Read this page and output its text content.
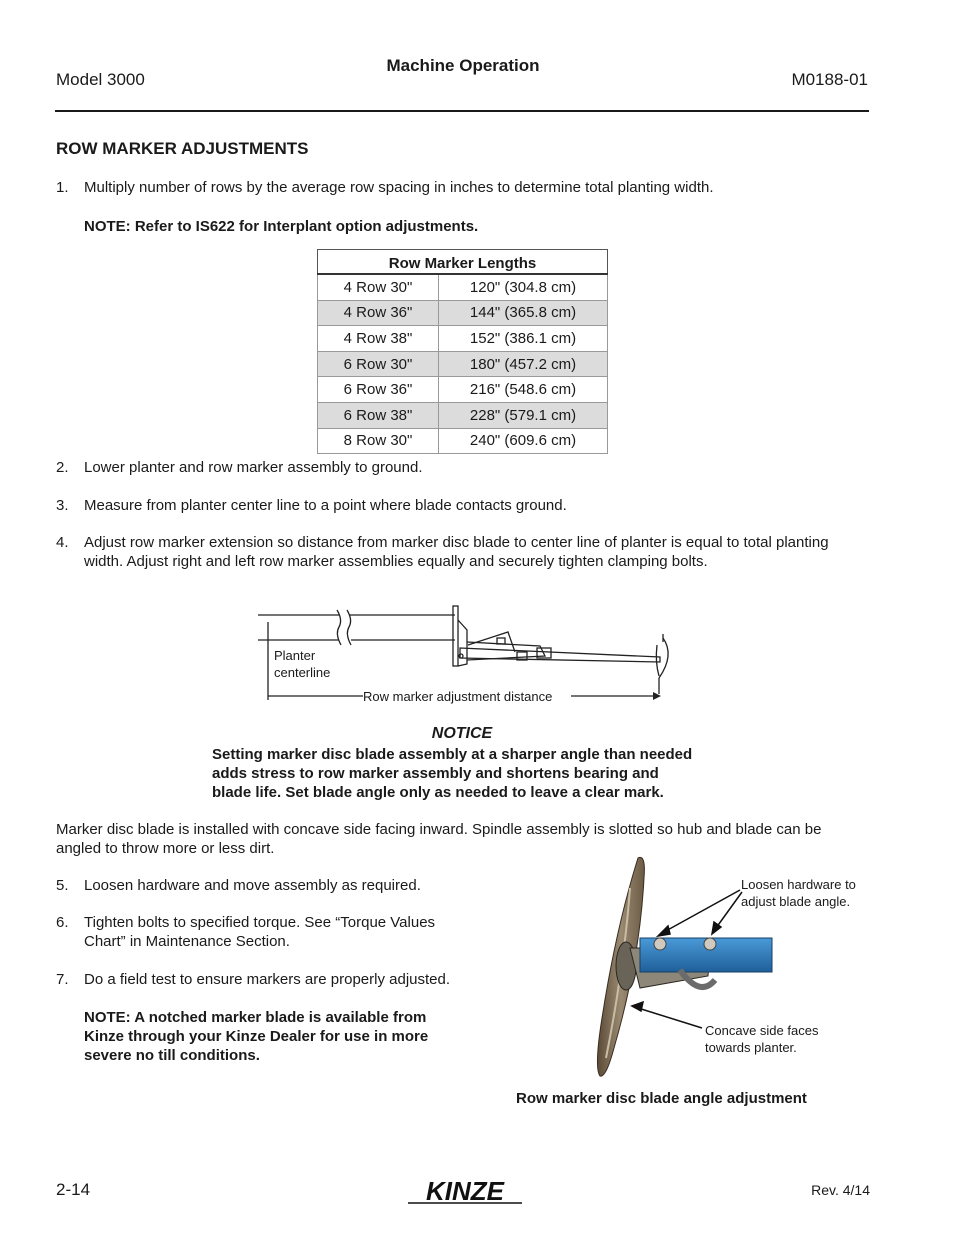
Model 3000
Machine Operation
M0188-01
ROW MARKER ADJUSTMENTS
1. Multiply number of rows by the average row spacing in inches to determine total planting width.
NOTE: Refer to IS622 for Interplant option adjustments.
Row Marker Lengths	
4 Row 30"	120" (304.8 cm)
4 Row 36"	144" (365.8 cm)
4 Row 38"	152" (386.1 cm)
6 Row 30"	180" (457.2 cm)
6 Row 36"	216" (548.6 cm)
6 Row 38"	228" (579.1 cm)
8 Row 30"	240" (609.6 cm)
2. Lower planter and row marker assembly to ground.
3. Measure from planter center line to a point where blade contacts ground.
4. Adjust row marker extension so distance from marker disc blade to center line of planter is equal to total planting
width. Adjust right and left row marker assemblies equally and securely tighten clamping bolts.
Planter
centerline
Row marker adjustment distance
NOTICE
Setting marker disc blade assembly at a sharper angle than needed
adds stress to row marker assembly and shortens bearing and
blade life. Set blade angle only as needed to leave a clear mark.
Marker disc blade is installed with concave side facing inward. Spindle assembly is slotted so hub and blade can be
angled to throw more or less dirt.
5. Loosen hardware and move assembly as required.
6. Tighten bolts to specified torque. See “Torque Values
Chart” in Maintenance Section.
7. Do a field test to ensure markers are properly adjusted.
NOTE: A notched marker blade is available from
Kinze through your Kinze Dealer for use in more
severe no till conditions.
Loosen hardware to
adjust blade angle.
Concave side faces
towards planter.
Row marker disc blade angle adjustment
2-14	KINZE	Rev. 4/14
